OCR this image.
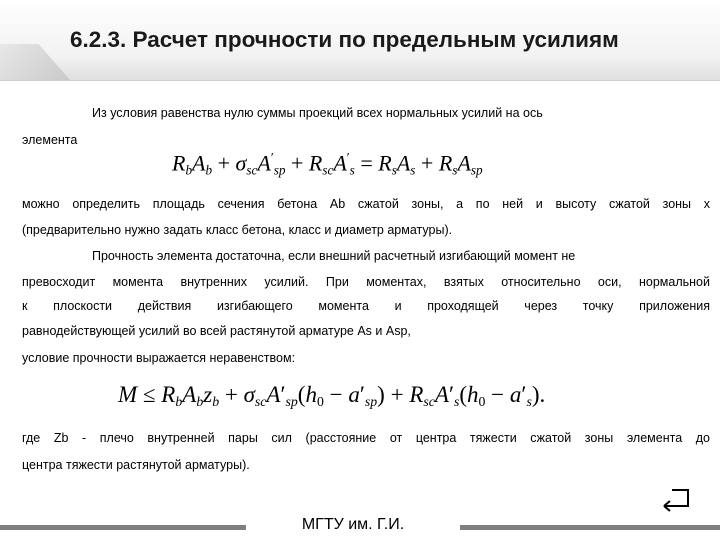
6.2.3. Расчет прочности по предельным усилиям
Из условия равенства нулю суммы проекций всех нормальных усилий на ось
элемента
$R_bA_b + \sigma_{sc}A'_{sp} + R_{sc}A'_s = R_sA_s + R_sA_{sp}$
можно определить площадь сечения бетона Аb сжатой зоны, а по ней и высоту сжатой зоны х
(предварительно нужно задать класс бетона, класс и диаметр арматуры).
Прочность элемента достаточна, если внешний расчетный изгибающий момент не
превосходит момента внутренних усилий. При моментах, взятых относительно оси, нормальной
к плоскости действия изгибающего момента и проходящей через точку приложения
равнодействующей усилий во всей растянутой арматуре As и Аsp,
условие прочности выражается неравенством:
$M \le R_bA_bz_b + \sigma_{sc}A'_{sp}(h_0 - a'_{sp}) + R_{sc}A'_s(h_0 - a'_s)$.
где Zb - плечо внутренней пары сил (расстояние от центра тяжести сжатой зоны элемента до
центра тяжести растянутой арматуры).

МГТУ им. Г.И.
